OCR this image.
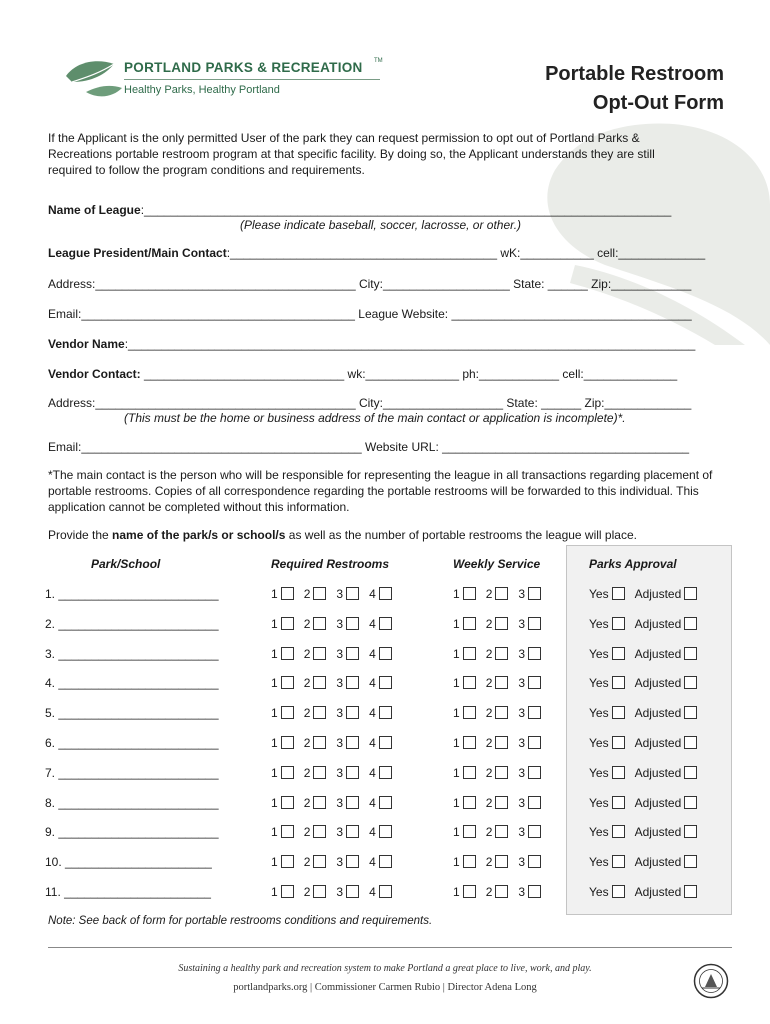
PORTLAND PARKS & RECREATION TM
Healthy Parks, Healthy Portland
Portable Restroom
Opt-Out Form
If the Applicant is the only permitted User of the park they can request permission to opt out of Portland Parks & Recreations portable restroom program at that specific facility. By doing so, the Applicant understands they are still required to follow the program conditions and requirements.
Name of League:_______________________________________________________________________________
(Please indicate baseball, soccer, lacrosse, or other.)
League President/Main Contact:________________________________________ wK:___________ cell:_____________
Address:_______________________________________ City:___________________ State: ______ Zip:____________
Email:_________________________________________ League Website: ____________________________________
Vendor Name:_____________________________________________________________________________________
Vendor Contact: ______________________________ wk:______________ ph:____________ cell:______________
Address:_______________________________________ City:__________________ State: ______ Zip:_____________
(This must be the home or business address of the main contact or application is incomplete)*.
Email:__________________________________________ Website URL: _____________________________________
*The main contact is the person who will be responsible for representing the league in all transactions regarding placement of portable restrooms. Copies of all correspondence regarding the portable restrooms will be forwarded to this individual. This application cannot be completed without this information.
Provide the name of the park/s or school/s as well as the number of portable restrooms the league will place.
Park/School	Required Restrooms	Weekly Service	Parks Approval
1. ________________________	1 2 3 4	1 2 3	Yes Adjusted
2. ________________________	1 2 3 4	1 2 3	Yes Adjusted
3. ________________________	1 2 3 4	1 2 3	Yes Adjusted
4. ________________________	1 2 3 4	1 2 3	Yes Adjusted
5. ________________________	1 2 3 4	1 2 3	Yes Adjusted
6. ________________________	1 2 3 4	1 2 3	Yes Adjusted
7. ________________________	1 2 3 4	1 2 3	Yes Adjusted
8. ________________________	1 2 3 4	1 2 3	Yes Adjusted
9. ________________________	1 2 3 4	1 2 3	Yes Adjusted
10. ______________________	1 2 3 4	1 2 3	Yes Adjusted
11. ______________________	1 2 3 4	1 2 3	Yes Adjusted
Note: See back of form for portable restrooms conditions and requirements.
Sustaining a healthy park and recreation system to make Portland a great place to live, work, and play.
portlandparks.org | Commissioner Carmen Rubio | Director Adena Long
